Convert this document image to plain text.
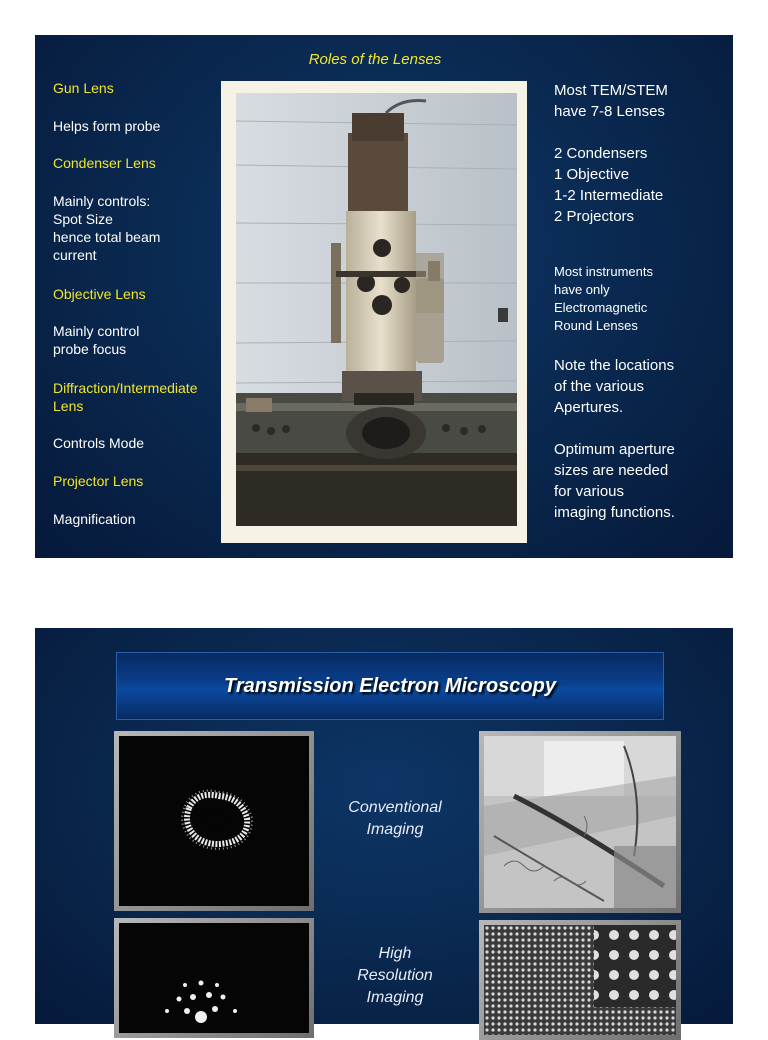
Roles of the Lenses
Gun Lens
Helps form probe
Condenser Lens
Mainly controls:
Spot Size
hence total beam
current
Objective Lens
Mainly control
probe focus
Diffraction/Intermediate
Lens
Controls Mode
Projector Lens
Magnification
Most TEM/STEM
have 7-8 Lenses
2 Condensers
1 Objective
1-2 Intermediate
2 Projectors
Most instruments
have only
Electromagnetic
Round Lenses
Note the locations
of the various
Apertures.
Optimum aperture
sizes are needed
for various
imaging functions.
Transmission Electron Microscopy
Conventional
Imaging
High
Resolution
Imaging
